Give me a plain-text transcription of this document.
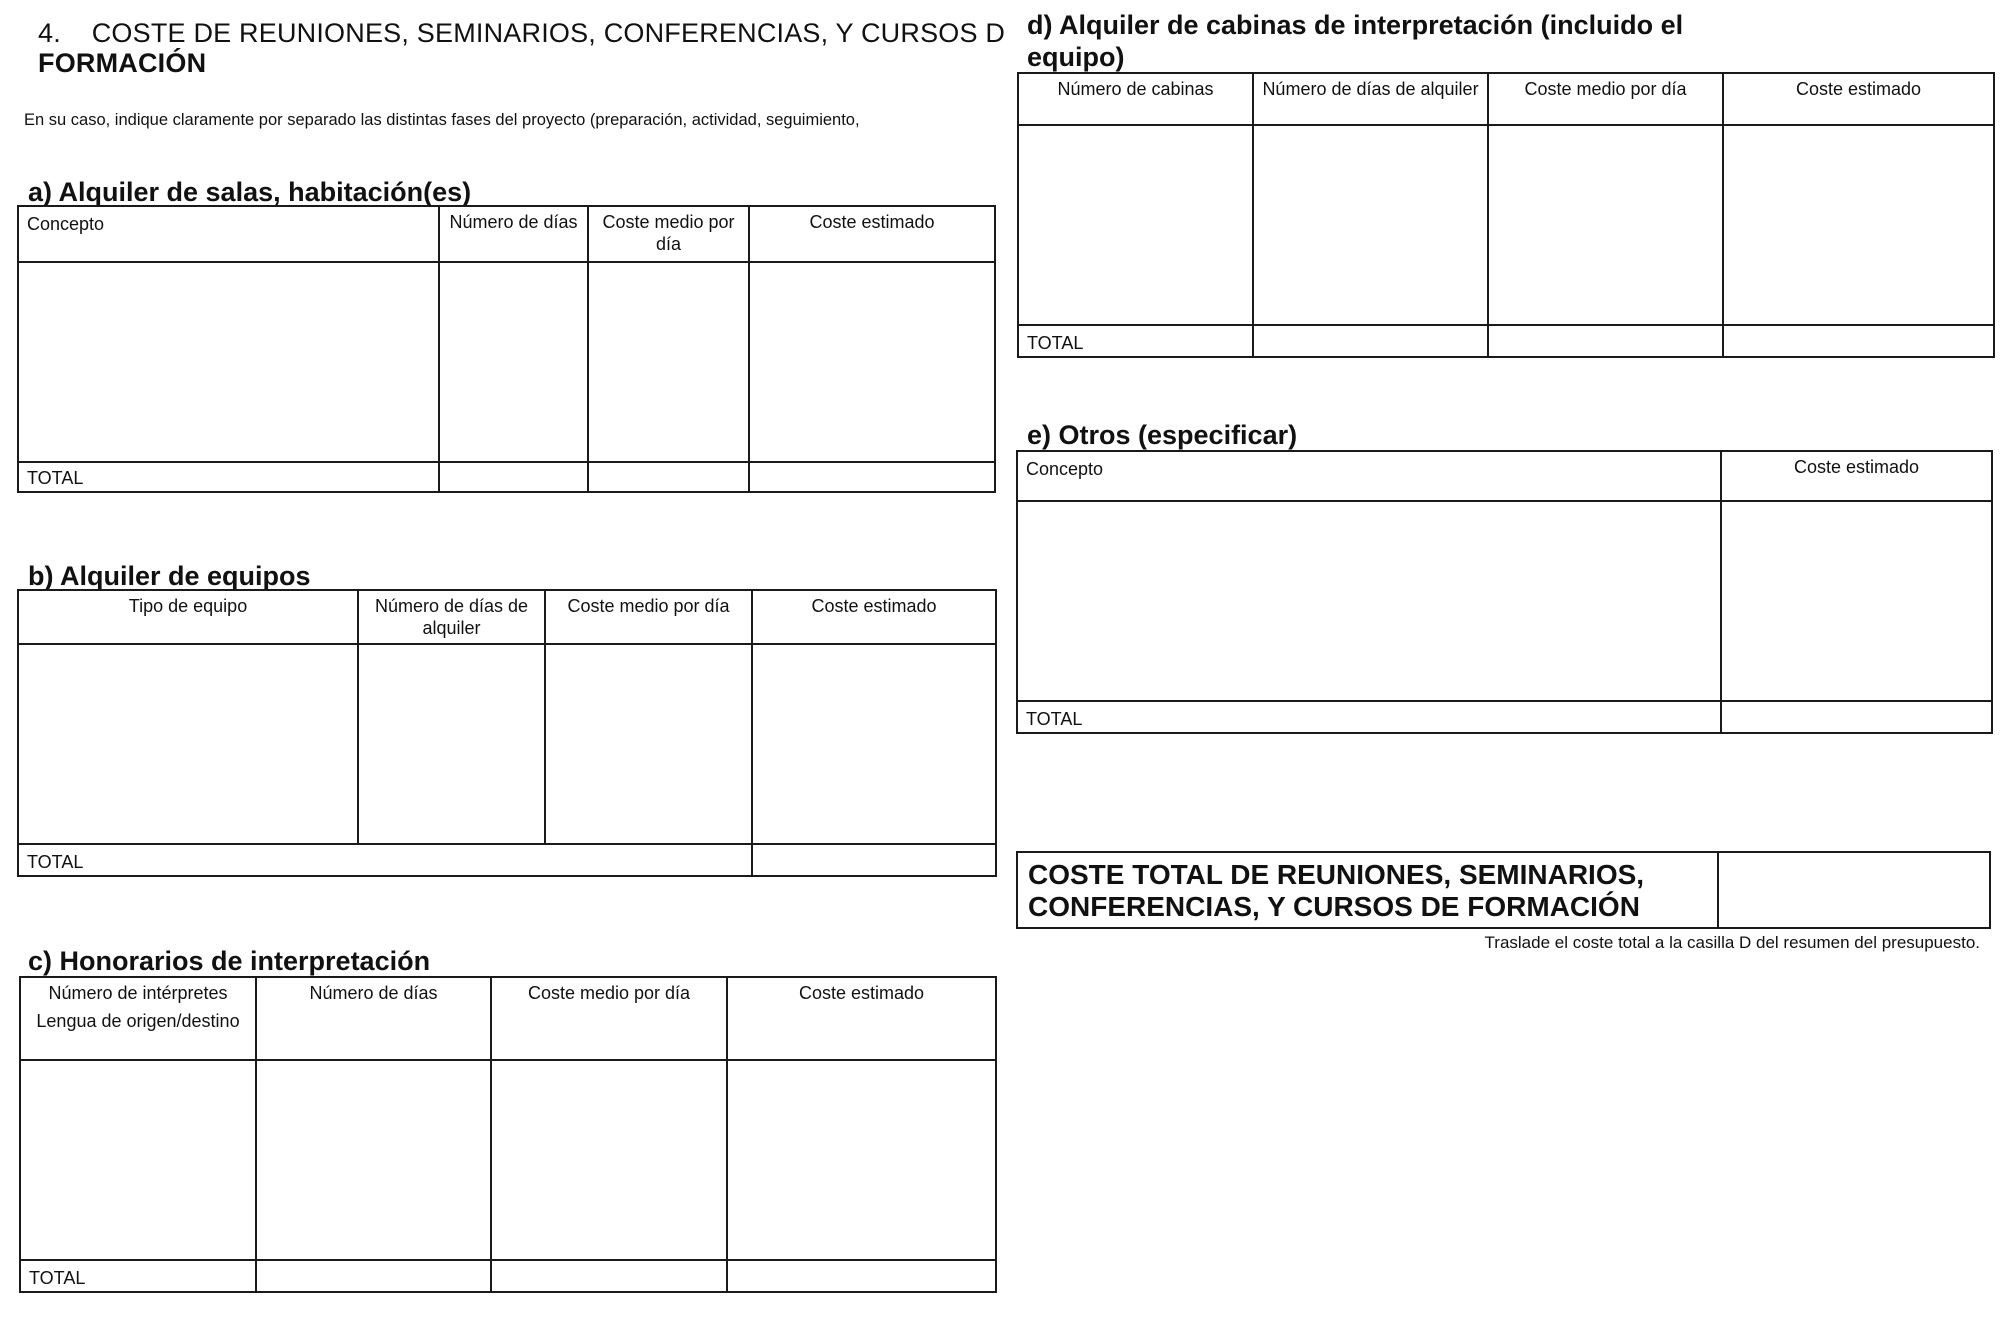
4. COSTE DE REUNIONES, SEMINARIOS, CONFERENCIAS, Y CURSOS D
FORMACIÓN
En su caso, indique claramente por separado las distintas fases del proyecto (preparación, actividad, seguimiento,
a) Alquiler de salas, habitación(es)
Concepto	Número de días	Coste medio por día	Coste estimado

TOTAL			
b) Alquiler de equipos
Tipo de equipo	Número de días de alquiler	Coste medio por día	Coste estimado

TOTAL			
c) Honorarios de interpretación
Número de intérpretes
Lengua de origen/destino	Número de días	Coste medio por día	Coste estimado

TOTAL			
d) Alquiler de cabinas de interpretación (incluido el
equipo)
Número de cabinas	Número de días de alquiler	Coste medio por día	Coste estimado

TOTAL			
e) Otros (especificar)
Concepto	Coste estimado

TOTAL	
COSTE TOTAL DE REUNIONES, SEMINARIOS,
CONFERENCIAS, Y CURSOS DE FORMACIÓN
Traslade el coste total a la casilla D del resumen del presupuesto.
